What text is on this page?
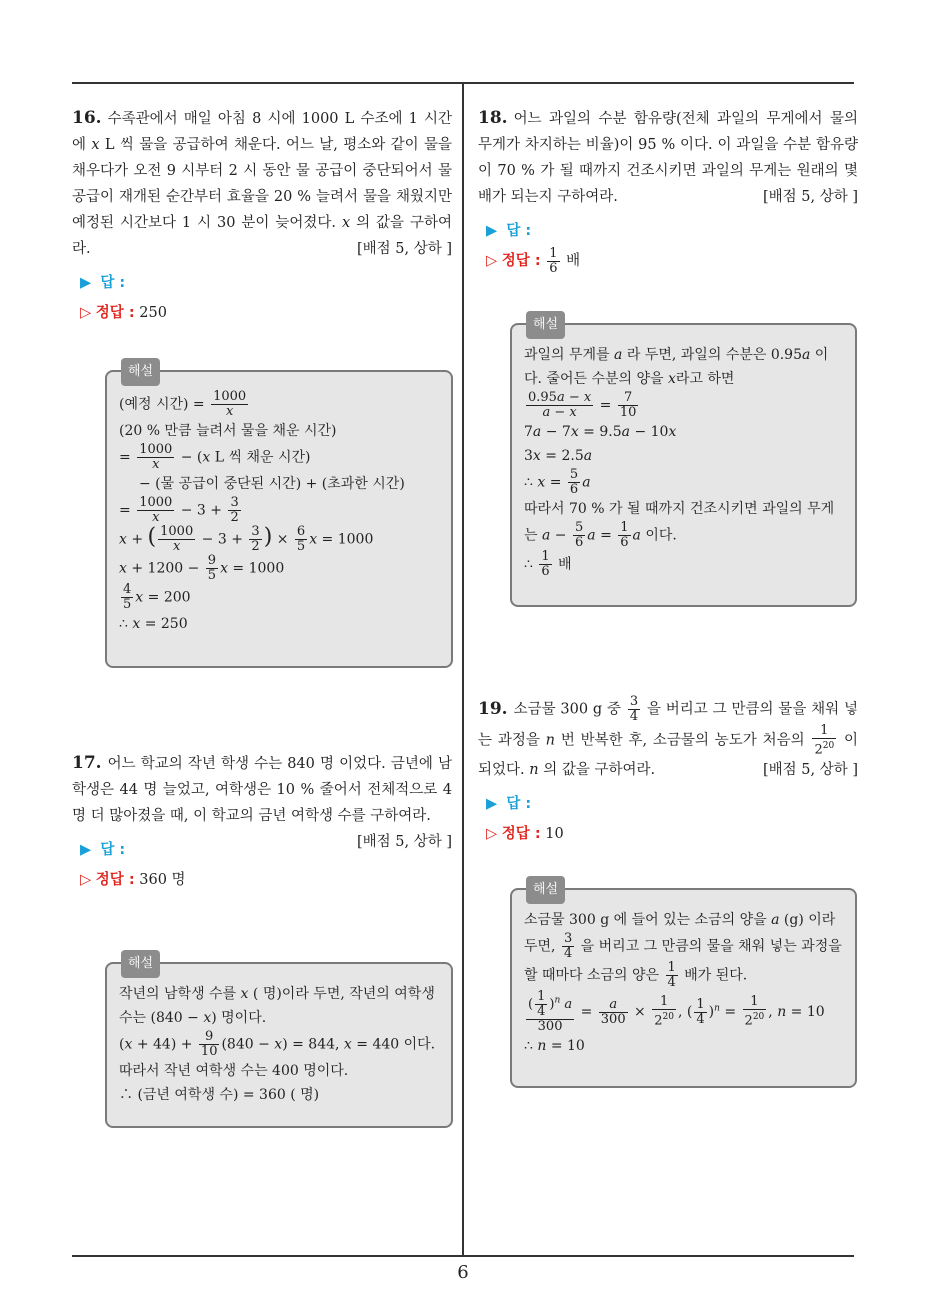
16. 수족관에서 매일 아침 8 시에 1000 L 수조에 1 시간에 x L 씩 물을 공급하여 채운다. 어느 날, 평소와 같이 물을 채우다가 오전 9 시부터 2 시 동안 물 공급이 중단되어서 물 공급이 재개된 순간부터 효율을 20 % 늘려서 물을 채웠지만 예정된 시간보다 1 시 30 분이 늦어졌다. x 의 값을 구하여라.	[배점 5, 상하 ]
▶ 답 :
▷ 정답 : 250
해설
(예정 시간) = $\frac{1000}{x}$
(20 % 만큼 늘려서 물을 채운 시간)
= $\frac{1000}{x} - (x$ L 씩 채운 시간)
− (물 공급이 중단된 시간) + (초과한 시간)
= $\frac{1000}{x} - 3 + \frac{3}{2}$
x + ( $\frac{1000}{x} - 3 + \frac{3}{2}$ ) × $\frac{6}{5}$ x = 1000
$x + 1200 - \frac{9}{5}$ x = 1000
$\frac{4}{5}$ x = 200
∴ x = 250
17. 어느 학교의 작년 학생 수는 840 명 이었다. 금년에 남학생은 44 명 늘었고, 여학생은 10 % 줄어서 전체적으로 4 명 더 많아졌을 때, 이 학교의 금년 여학생 수를 구하여라.
[배점 5, 상하 ]
▶ 답 :
▷ 정답 : 360 명
해설
작년의 남학생 수를 x ( 명)이라 두면, 작년의 여학생 수는 (840 − x) 명이다.
$(x + 44) + \frac{9}{10} (840 - x) = 844$, x = 440 이다.
따라서 작년 여학생 수는 400 명이다.
∴ (금년 여학생 수) = 360 ( 명)
18. 어느 과일의 수분 함유량(전체 과일의 무게에서 물의 무게가 차지하는 비율)이 95 % 이다. 이 과일을 수분 함유량이 70 % 가 될 때까지 건조시키면 과일의 무게는 원래의 몇 배가 되는지 구하여라.	[배점 5, 상하 ]
▶ 답 :
▷ 정답 : $\frac{1}{6}$ 배
해설
과일의 무게를 a 라 두면, 과일의 수분은 0.95a 이다. 줄어든 수분의 양을 x라고 하면
$\frac{0.95a - x}{a - x} = \frac{7}{10}$
7a − 7x = 9.5a − 10x
3x = 2.5a
∴ $x = \frac{5}{6}$ a
따라서 70 % 가 될 때까지 건조시키면 과일의 무게는 $a - \frac{5}{6}$ $a = \frac{1}{6}$ a 이다.
∴ $\frac{1}{6}$ 배
19. 소금물 300 g 중 $\frac{3}{4}$ 을 버리고 그 만큼의 물을 채워 넣는 과정을 n 번 반복한 후, 소금물의 농도가 처음의 $\frac{1}{2^{20}}$ 이 되었다. n 의 값을 구하여라.	[배점 5, 상하 ]
▶ 답 :
▷ 정답 : 10
해설
소금물 300 g 에 들어 있는 소금의 양을 a (g) 이라 두면, $\frac{3}{4}$ 을 버리고 그 만큼의 물을 채워 넣는 과정을 할 때마다 소금의 양은 $\frac{1}{4}$ 배가 된다.
$\frac{( \frac{1}{4} )^n a}{300} = \frac{a}{300} \times \frac{1}{2^{20}}$ , ( $\frac{1}{4} )^n = \frac{1}{2^{20}}$ , n = 10
∴ n = 10
6
